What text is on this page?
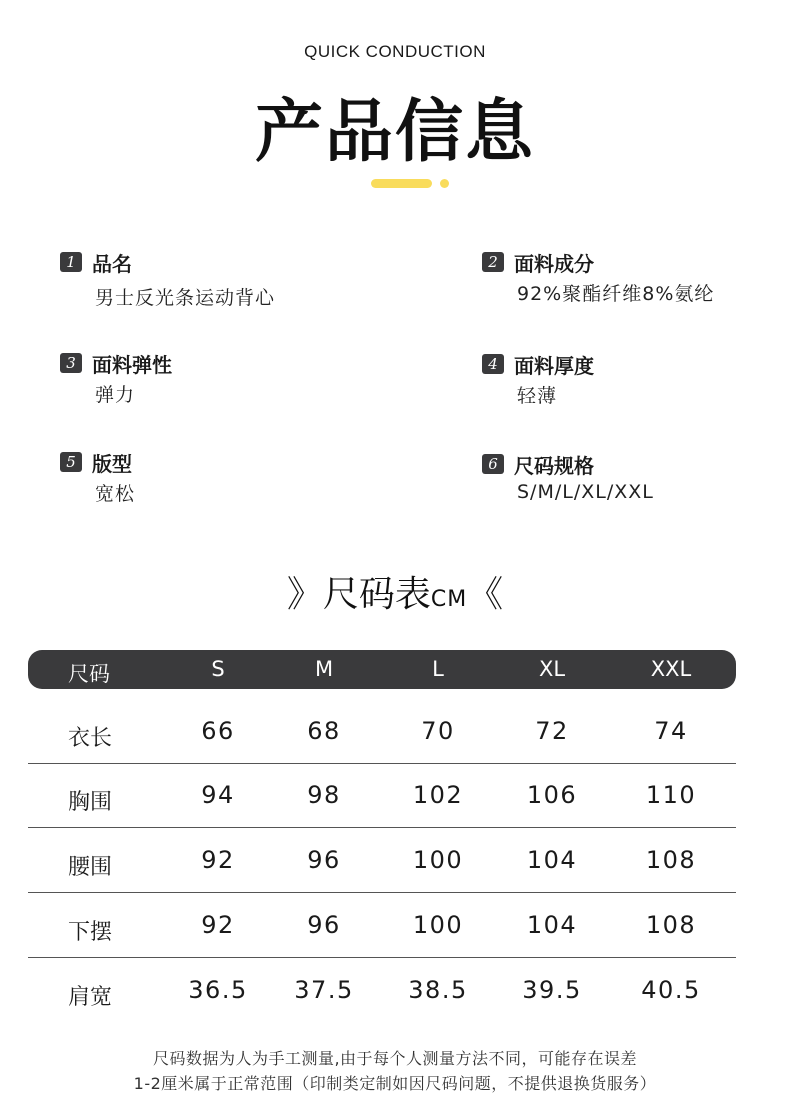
QUICK CONDUCTION
产品信息
1 品名
男士反光条运动背心
2 面料成分
92%聚酯纤维8%氨纶
3 面料弹性
弹力
4 面料厚度
轻薄
5 版型
宽松
6 尺码规格
S/M/L/XL/XXL
》尺码表CM《
尺码	S	M	L	XL	XXL
衣长	66	68	70	72	74
胸围	94	98	102	106	110
腰围	92	96	100	104	108
下摆	92	96	100	104	108
肩宽	36.5	37.5	38.5	39.5	40.5
尺码数据为人为手工测量,由于每个人测量方法不同，可能存在误差
1-2厘米属于正常范围（印制类定制如因尺码问题，不提供退换货服务）
